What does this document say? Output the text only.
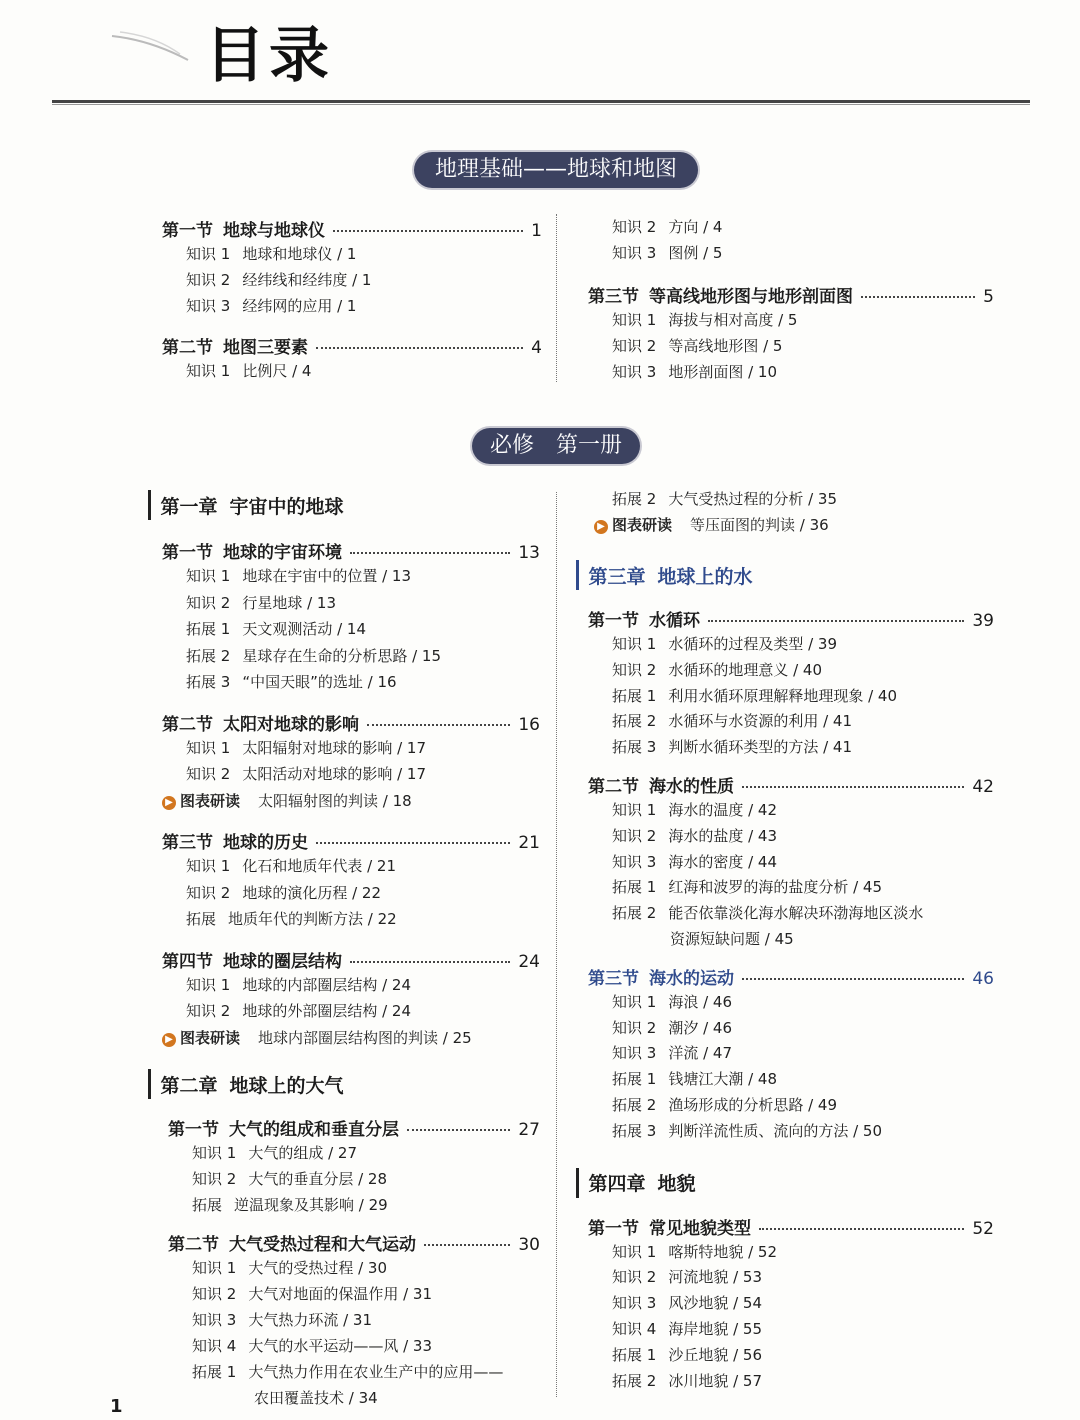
目录
地理基础——地球和地图
第一节 地球与地球仪	1
知识 1 地球和地球仪 / 1
知识 2 经纬线和经纬度 / 1
知识 3 经纬网的应用 / 1
第二节 地图三要素	4
知识 1 比例尺 / 4
知识 2 方向 / 4
知识 3 图例 / 5
第三节 等高线地形图与地形剖面图	5
知识 1 海拔与相对高度 / 5
知识 2 等高线地形图 / 5
知识 3 地形剖面图 / 10
必修　第一册
第一章 宇宙中的地球
第一节 地球的宇宙环境	13
知识 1 地球在宇宙中的位置 / 13
知识 2 行星地球 / 13
拓展 1 天文观测活动 / 14
拓展 2 星球存在生命的分析思路 / 15
拓展 3 “中国天眼”的选址 / 16
第二节 太阳对地球的影响	16
知识 1 太阳辐射对地球的影响 / 17
知识 2 太阳活动对地球的影响 / 17
▶ 图表研读 太阳辐射图的判读 / 18
第三节 地球的历史	21
知识 1 化石和地质年代表 / 21
知识 2 地球的演化历程 / 22
拓展 地质年代的判断方法 / 22
第四节 地球的圈层结构	24
知识 1 地球的内部圈层结构 / 24
知识 2 地球的外部圈层结构 / 24
▶ 图表研读 地球内部圈层结构图的判读 / 25
第二章 地球上的大气
第一节 大气的组成和垂直分层	27
知识 1 大气的组成 / 27
知识 2 大气的垂直分层 / 28
拓展 逆温现象及其影响 / 29
第二节 大气受热过程和大气运动	30
知识 1 大气的受热过程 / 30
知识 2 大气对地面的保温作用 / 31
知识 3 大气热力环流 / 31
知识 4 大气的水平运动——风 / 33
拓展 1 大气热力作用在农业生产中的应用——
农田覆盖技术 / 34
拓展 2 大气受热过程的分析 / 35
▶ 图表研读 等压面图的判读 / 36
第三章 地球上的水
第一节 水循环	39
知识 1 水循环的过程及类型 / 39
知识 2 水循环的地理意义 / 40
拓展 1 利用水循环原理解释地理现象 / 40
拓展 2 水循环与水资源的利用 / 41
拓展 3 判断水循环类型的方法 / 41
第二节 海水的性质	42
知识 1 海水的温度 / 42
知识 2 海水的盐度 / 43
知识 3 海水的密度 / 44
拓展 1 红海和波罗的海的盐度分析 / 45
拓展 2 能否依靠淡化海水解决环渤海地区淡水
资源短缺问题 / 45
第三节 海水的运动	46
知识 1 海浪 / 46
知识 2 潮汐 / 46
知识 3 洋流 / 47
拓展 1 钱塘江大潮 / 48
拓展 2 渔场形成的分析思路 / 49
拓展 3 判断洋流性质、流向的方法 / 50
第四章 地貌
第一节 常见地貌类型	52
知识 1 喀斯特地貌 / 52
知识 2 河流地貌 / 53
知识 3 风沙地貌 / 54
知识 4 海岸地貌 / 55
拓展 1 沙丘地貌 / 56
拓展 2 冰川地貌 / 57
1
